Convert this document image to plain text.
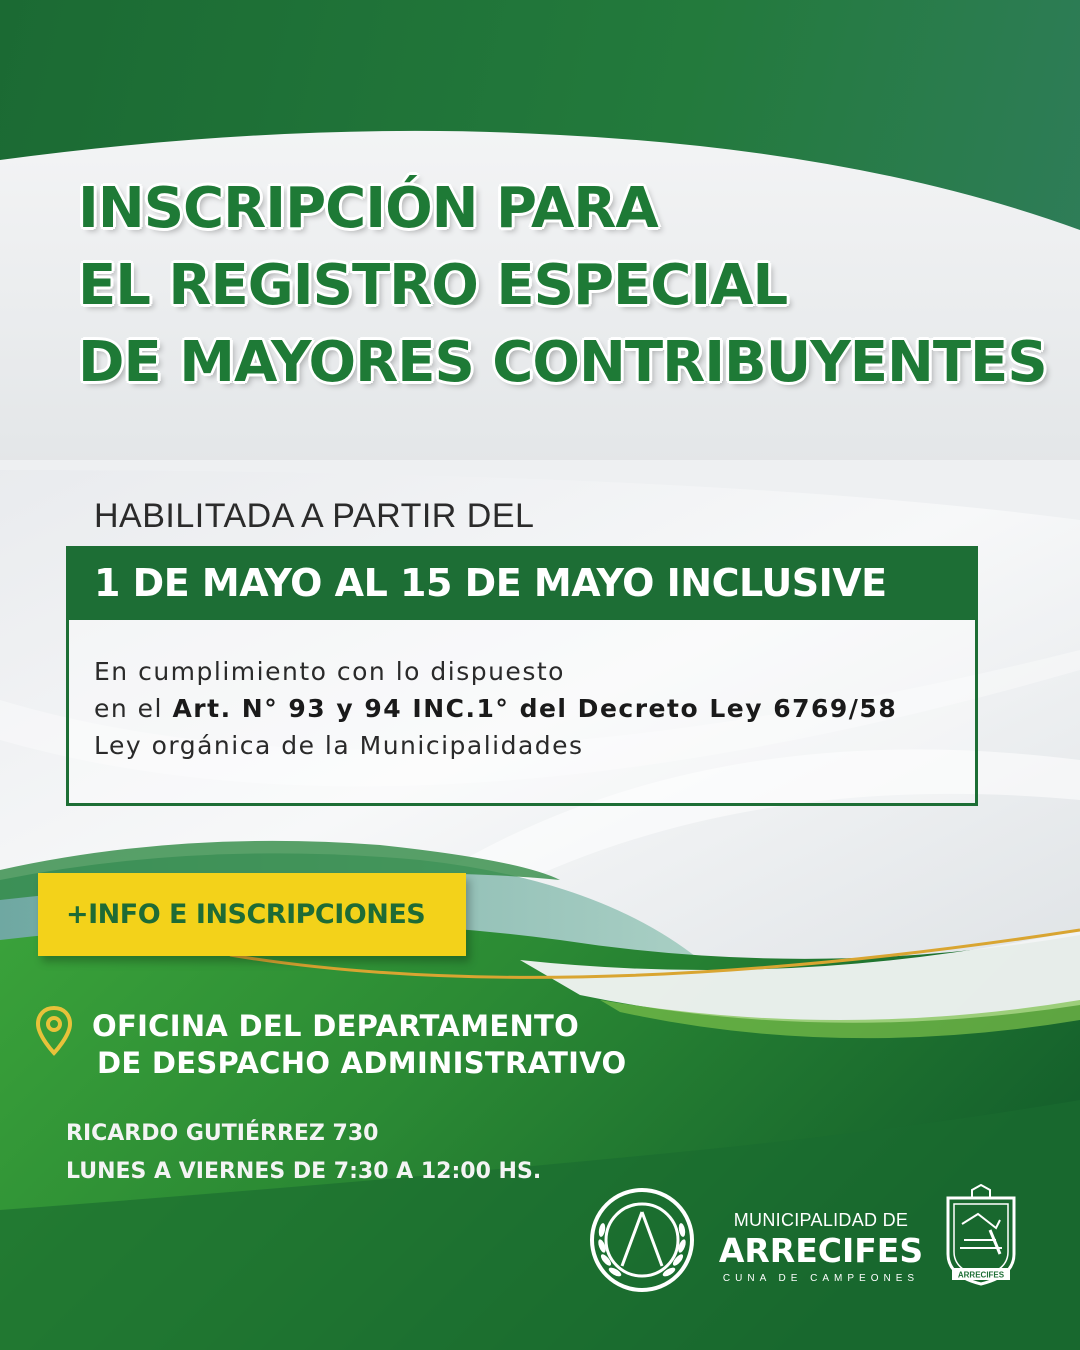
INSCRIPCIÓN PARA
EL REGISTRO ESPECIAL
DE MAYORES CONTRIBUYENTES
HABILITADA A PARTIR DEL
1 DE MAYO AL 15 DE MAYO INCLUSIVE
En cumplimiento con lo dispuesto
en el Art. N° 93 y 94 INC.1° del Decreto Ley 6769/58
Ley orgánica de la Municipalidades
+INFO E INSCRIPCIONES
OFICINA DEL DEPARTAMENTO
DE DESPACHO ADMINISTRATIVO
RICARDO GUTIÉRREZ 730
LUNES A VIERNES DE 7:30 A 12:00 HS.
MUNICIPALIDAD DE
ARRECIFES
CUNA DE CAMPEONES	ARRECIFES
